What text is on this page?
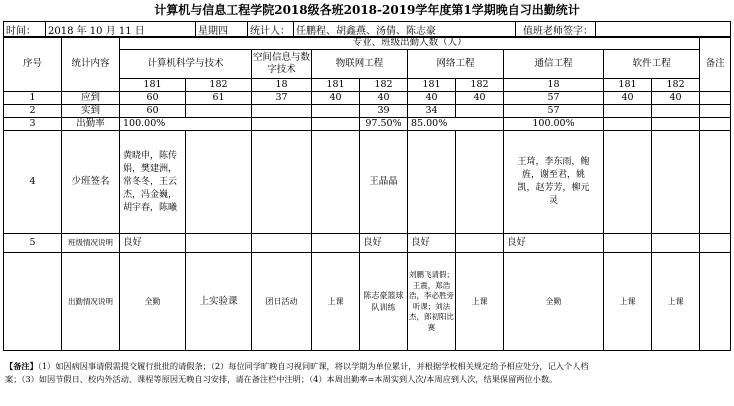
计算机与信息工程学院2018级各班2018-2019学年度第1学期晚自习出勤统计
时间：	2018 年 10 月 11 日	星期四	统计人：	任鹏程、胡鑫燕、汤倩、陈志豪	值班老师签字：	
序号	统计内容	专业、班级出勤人数（人）										备注
		计算机科学与技术		空间信息与数字技术	物联网工程		网络工程		通信工程	软件工程		
		181	182	18	181	182	181	182	18	181	182	
1	应到	60	61	37	40	40	40	40	57	40	40	
2	实到	60				39	34		57			
3	出勤率	100.00%				97.50%	85.00%		100.00%			
4	少班签名	黄晓申，陈传娟，樊建洲，常冬冬，王云杰，冯金巍，胡宇春，陈曦				王晶晶			王琦，李东雨，鲍旌，谢至君，姚凯，赵芳芳，柳元灵			
5	班级情况说明	良好				良好	良好		良好			
	出勤情况说明	全勤	上实验课	团日活动	上课	陈志豪篮球队训练	刘鹏飞请假；王震，郑浩浩，李必胜旁听课；刘法杰，郎初阳比赛	上课	全勤	上课	上课	
【备注】（1）如因病因事请假需提交履行批批的请假条；（2）每位同学旷晚自习视同旷课，将以学期为单位累计，并根据学校相关规定给予相应处分，记入个人档
案；（3）如因节假日、校内外活动、课程等原因无晚自习安排，请在备注栏中注明；（4）本周出勤率=本周实到人次/本周应到人次，结果保留两位小数。
